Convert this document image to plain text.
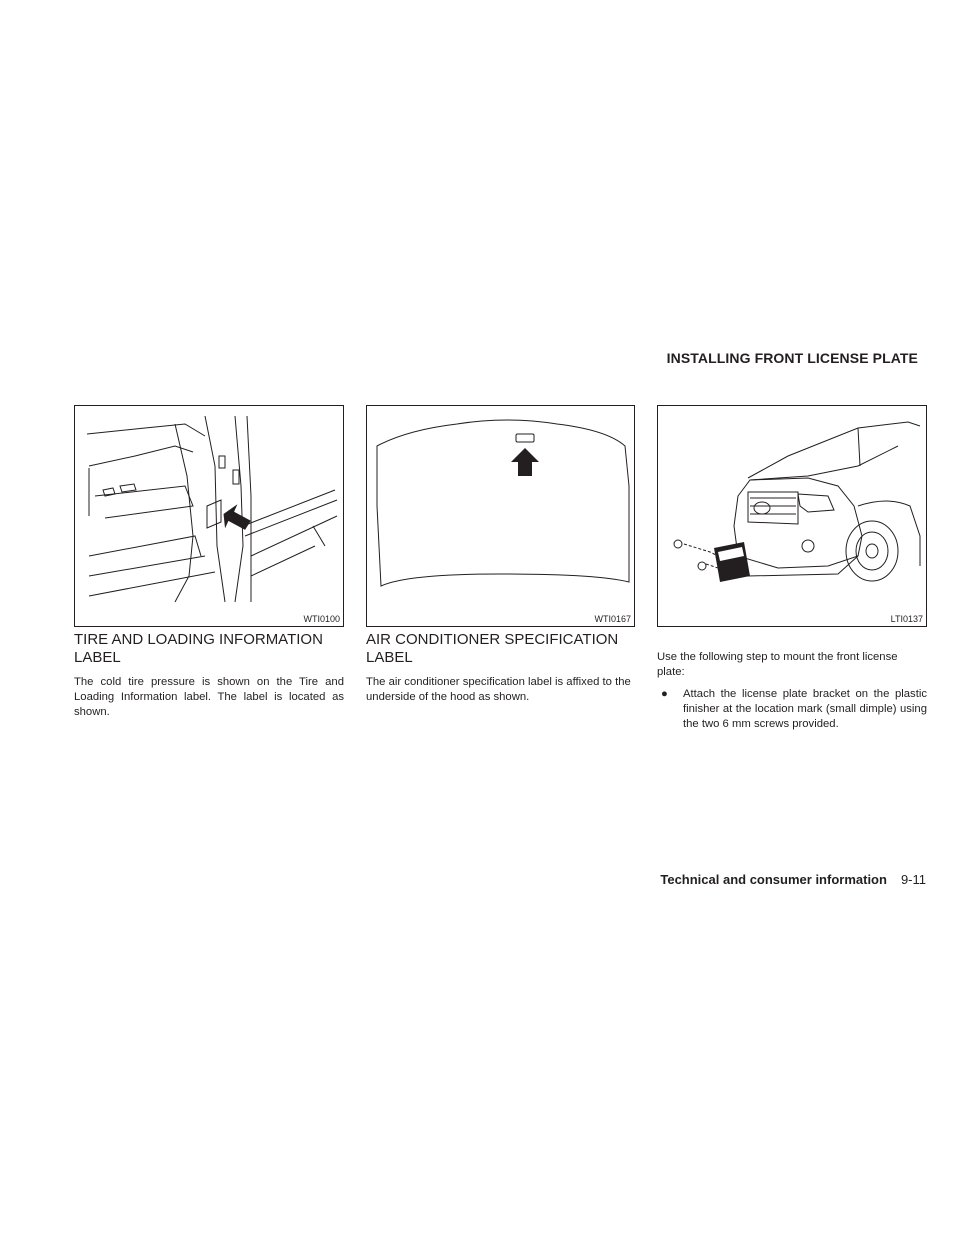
INSTALLING FRONT LICENSE PLATE
WTI0100	WTI0167	LTI0137
TIRE AND LOADING INFORMATION LABEL
The cold tire pressure is shown on the Tire and Loading Information label. The label is located as shown.
AIR CONDITIONER SPECIFICATION LABEL
The air conditioner specification label is affixed to the underside of the hood as shown.
Use the following step to mount the front license plate:
● Attach the license plate bracket on the plastic finisher at the location mark (small dimple) using the two 6 mm screws provided.
Technical and consumer information 9-11
